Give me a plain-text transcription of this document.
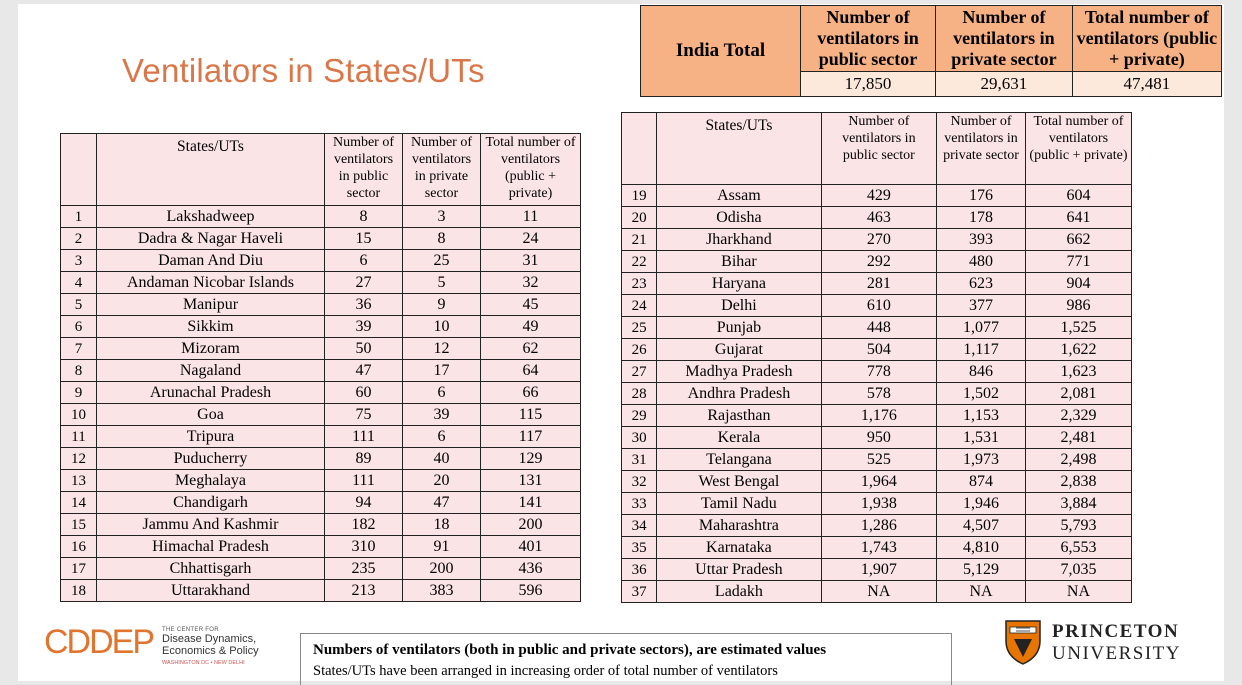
Ventilators in States/UTs
India Total	Number of ventilators in public sector	Number of ventilators in private sector	Total number of ventilators (public + private)
	17,850	29,631	47,481
	States/UTs	Number of ventilators in public sector	Number of ventilators in private sector	Total number of ventilators (public + private)
1	Lakshadweep	8	3	11
2	Dadra & Nagar Haveli	15	8	24
3	Daman And Diu	6	25	31
4	Andaman Nicobar Islands	27	5	32
5	Manipur	36	9	45
6	Sikkim	39	10	49
7	Mizoram	50	12	62
8	Nagaland	47	17	64
9	Arunachal Pradesh	60	6	66
10	Goa	75	39	115
11	Tripura	111	6	117
12	Puducherry	89	40	129
13	Meghalaya	111	20	131
14	Chandigarh	94	47	141
15	Jammu And Kashmir	182	18	200
16	Himachal Pradesh	310	91	401
17	Chhattisgarh	235	200	436
18	Uttarakhand	213	383	596
	States/UTs	Number of ventilators in public sector	Number of ventilators in private sector	Total number of ventilators (public + private)
19	Assam	429	176	604
20	Odisha	463	178	641
21	Jharkhand	270	393	662
22	Bihar	292	480	771
23	Haryana	281	623	904
24	Delhi	610	377	986
25	Punjab	448	1,077	1,525
26	Gujarat	504	1,117	1,622
27	Madhya Pradesh	778	846	1,623
28	Andhra Pradesh	578	1,502	2,081
29	Rajasthan	1,176	1,153	2,329
30	Kerala	950	1,531	2,481
31	Telangana	525	1,973	2,498
32	West Bengal	1,964	874	2,838
33	Tamil Nadu	1,938	1,946	3,884
34	Maharashtra	1,286	4,507	5,793
35	Karnataka	1,743	4,810	6,553
36	Uttar Pradesh	1,907	5,129	7,035
37	Ladakh	NA	NA	NA
Numbers of ventilators (both in public and private sectors), are estimated values
States/UTs have been arranged in increasing order of total number of ventilators
CDDEP THE CENTER FOR
Disease Dynamics,
Economics & Policy
WASHINGTON DC • NEW DELHI
PRINCETON
UNIVERSITY
